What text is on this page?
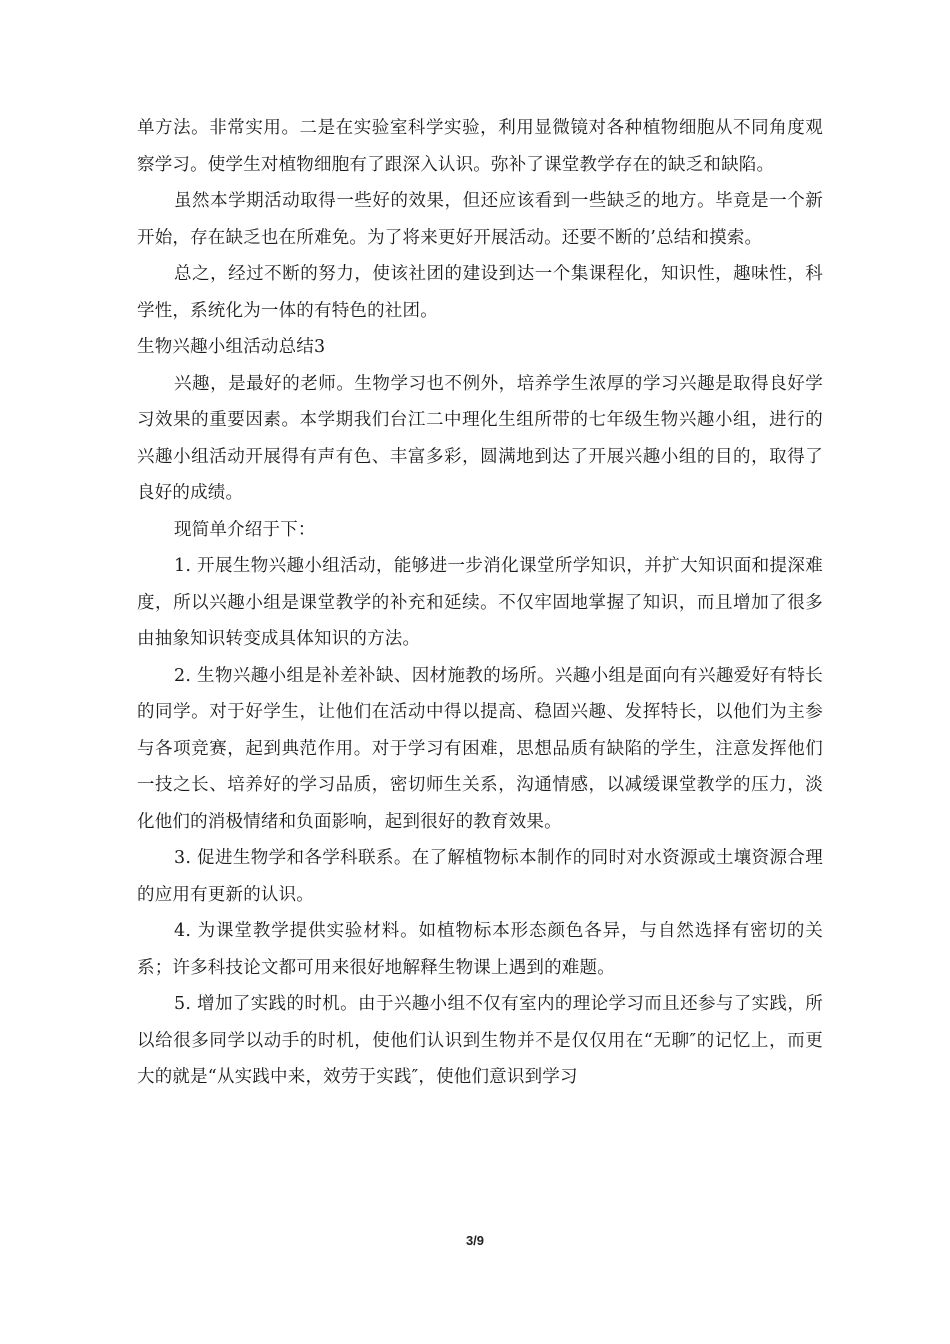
单方法。非常实用。二是在实验室科学实验，利用显微镜对各种植物细胞从不同角度观察学习。使学生对植物细胞有了跟深入认识。弥补了课堂教学存在的缺乏和缺陷。

虽然本学期活动取得一些好的效果，但还应该看到一些缺乏的地方。毕竟是一个新开始，存在缺乏也在所难免。为了将来更好开展活动。还要不断的’总结和摸索。

总之，经过不断的努力，使该社团的建设到达一个集课程化，知识性，趣味性，科学性，系统化为一体的有特色的社团。

生物兴趣小组活动总结3

兴趣，是最好的老师。生物学习也不例外，培养学生浓厚的学习兴趣是取得良好学习效果的重要因素。本学期我们台江二中理化生组所带的七年级生物兴趣小组，进行的兴趣小组活动开展得有声有色、丰富多彩，圆满地到达了开展兴趣小组的目的，取得了良好的成绩。

现简单介绍于下：

1. 开展生物兴趣小组活动，能够进一步消化课堂所学知识，并扩大知识面和提深难度，所以兴趣小组是课堂教学的补充和延续。不仅牢固地掌握了知识，而且增加了很多由抽象知识转变成具体知识的方法。

2. 生物兴趣小组是补差补缺、因材施教的场所。兴趣小组是面向有兴趣爱好有特长的同学。对于好学生，让他们在活动中得以提高、稳固兴趣、发挥特长，以他们为主参与各项竞赛，起到典范作用。对于学习有困难，思想品质有缺陷的学生，注意发挥他们一技之长、培养好的学习品质，密切师生关系，沟通情感，以减缓课堂教学的压力，淡化他们的消极情绪和负面影响，起到很好的教育效果。

3. 促进生物学和各学科联系。在了解植物标本制作的同时对水资源或土壤资源合理的应用有更新的认识。

4. 为课堂教学提供实验材料。如植物标本形态颜色各异，与自然选择有密切的关系；许多科技论文都可用来很好地解释生物课上遇到的难题。

5. 增加了实践的时机。由于兴趣小组不仅有室内的理论学习而且还参与了实践，所以给很多同学以动手的时机，使他们认识到生物并不是仅仅用在“无聊″的记忆上，而更大的就是“从实践中来，效劳于实践″，使他们意识到学习

3/9
